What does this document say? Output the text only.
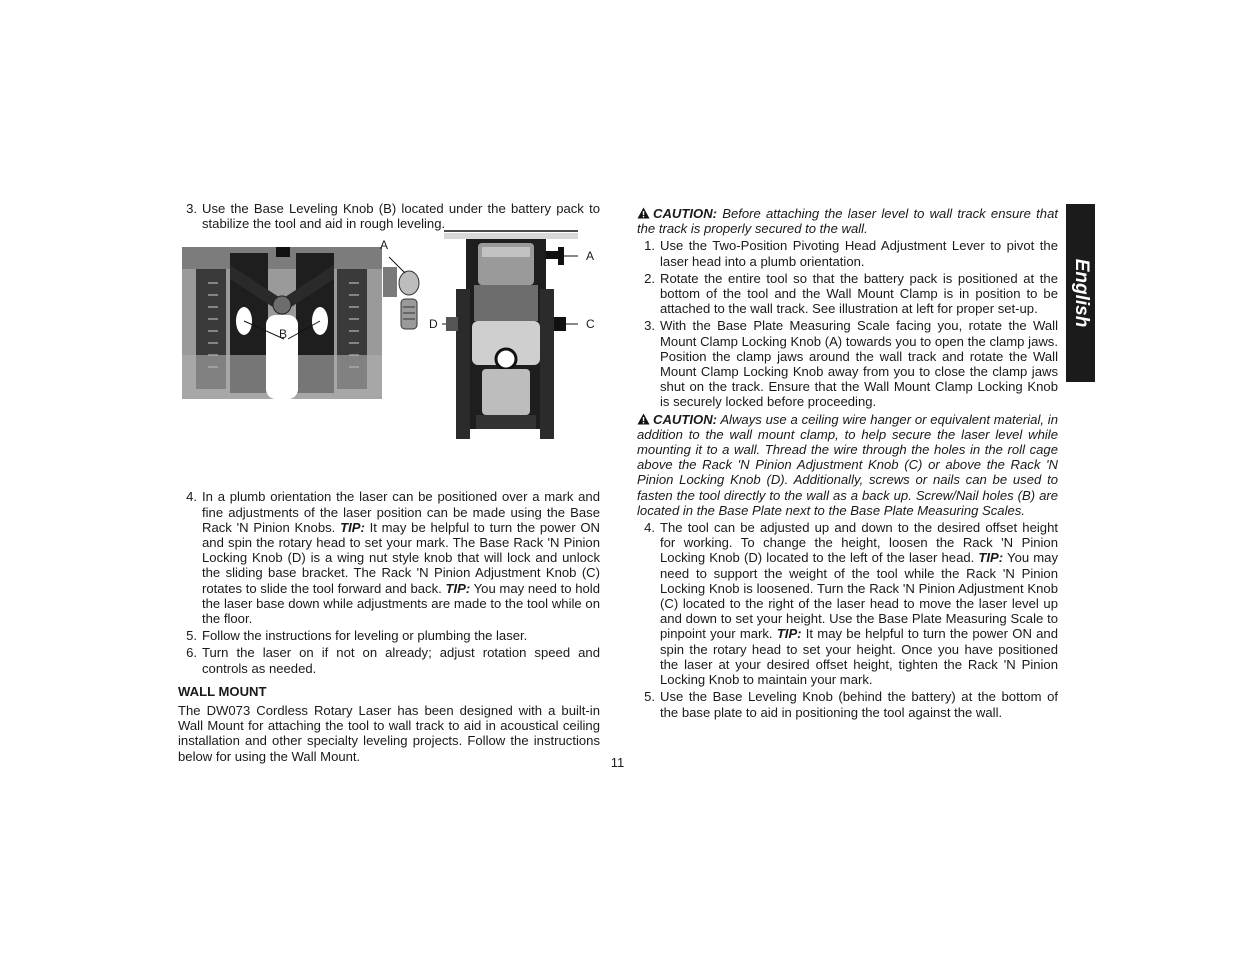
3. Use the Base Leveling Knob (B) located under the battery pack to stabilize the tool and aid in rough leveling.
B
A
A
C
D
4. In a plumb orientation the laser can be positioned over a mark and fine adjustments of the laser position can be made using the Base Rack 'N Pinion Knobs. TIP: It may be helpful to turn the power ON and spin the rotary head to set your mark. The Base Rack 'N Pinion Locking Knob (D) is a wing nut style knob that will lock and unlock the sliding base bracket. The Rack 'N Pinion Adjustment Knob (C) rotates to slide the tool forward and back. TIP: You may need to hold the laser base down while adjustments are made to the tool while on the floor.
5. Follow the instructions for leveling or plumbing the laser.
6. Turn the laser on if not on already; adjust rotation speed and controls as needed.
WALL MOUNT
The DW073 Cordless Rotary Laser has been designed with a built-in Wall Mount for attaching the tool to wall track to aid in acoustical ceiling installation and other specialty leveling projects. Follow the instructions below for using the Wall Mount.
CAUTION: Before attaching the laser level to wall track ensure that the track is properly secured to the wall.
1. Use the Two-Position Pivoting Head Adjustment Lever to pivot the laser head into a plumb orientation.
2. Rotate the entire tool so that the battery pack is positioned at the bottom of the tool and the Wall Mount Clamp is in position to be attached to the wall track. See illustration at left for proper set-up.
3. With the Base Plate Measuring Scale facing you, rotate the Wall Mount Clamp Locking Knob (A) towards you to open the clamp jaws. Position the clamp jaws around the wall track and rotate the Wall Mount Clamp Locking Knob away from you to close the clamp jaws shut on the track. Ensure that the Wall Mount Clamp Locking Knob is securely locked before proceeding.
CAUTION: Always use a ceiling wire hanger or equivalent material, in addition to the wall mount clamp, to help secure the laser level while mounting it to a wall. Thread the wire through the holes in the roll cage above the Rack 'N Pinion Adjustment Knob (C) or above the Rack 'N Pinion Locking Knob (D). Additionally, screws or nails can be used to fasten the tool directly to the wall as a back up. Screw/Nail holes (B) are located in the Base Plate next to the Base Plate Measuring Scales.
4. The tool can be adjusted up and down to the desired offset height for working. To change the height, loosen the Rack 'N Pinion Locking Knob (D) located to the left of the laser head. TIP: You may need to support the weight of the tool while the Rack 'N Pinion Locking Knob is loosened. Turn the Rack 'N Pinion Adjustment Knob (C) located to the right of the laser head to move the laser level up and down to set your height. Use the Base Plate Measuring Scale to pinpoint your mark. TIP: It may be helpful to turn the power ON and spin the rotary head to set your height. Once you have positioned the laser at your desired offset height, tighten the Rack 'N Pinion Locking Knob to maintain your mark.
5. Use the Base Leveling Knob (behind the battery) at the bottom of the base plate to aid in positioning the tool against the wall.
English
11
